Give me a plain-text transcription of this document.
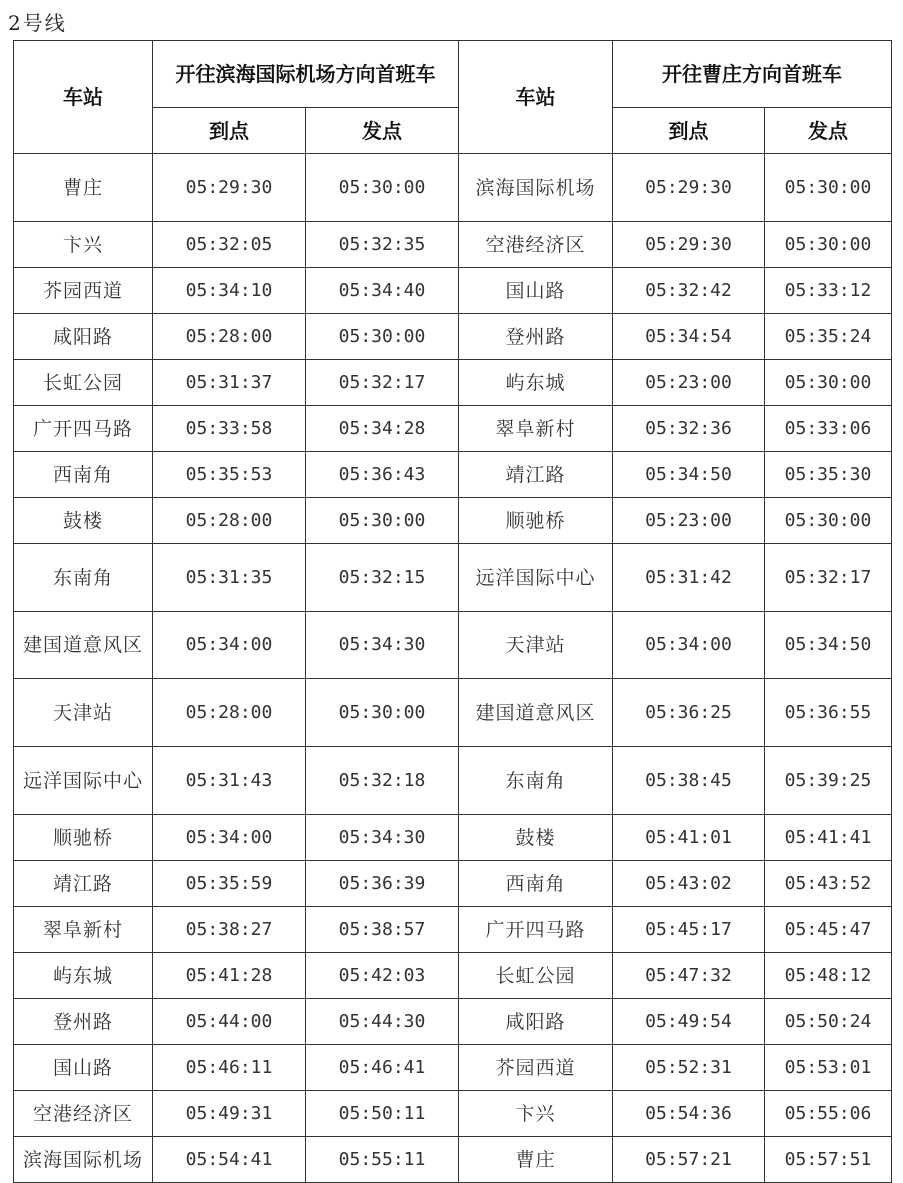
2号线
车站	开往滨海国际机场方向首班车		车站	开往曹庄方向首班车	
	到点	发点		到点	发点
曹庄	05:29:30	05:30:00	滨海国际机场	05:29:30	05:30:00
卞兴	05:32:05	05:32:35	空港经济区	05:29:30	05:30:00
芥园西道	05:34:10	05:34:40	国山路	05:32:42	05:33:12
咸阳路	05:28:00	05:30:00	登州路	05:34:54	05:35:24
长虹公园	05:31:37	05:32:17	屿东城	05:23:00	05:30:00
广开四马路	05:33:58	05:34:28	翠阜新村	05:32:36	05:33:06
西南角	05:35:53	05:36:43	靖江路	05:34:50	05:35:30
鼓楼	05:28:00	05:30:00	顺驰桥	05:23:00	05:30:00
东南角	05:31:35	05:32:15	远洋国际中心	05:31:42	05:32:17
建国道意风区	05:34:00	05:34:30	天津站	05:34:00	05:34:50
天津站	05:28:00	05:30:00	建国道意风区	05:36:25	05:36:55
远洋国际中心	05:31:43	05:32:18	东南角	05:38:45	05:39:25
顺驰桥	05:34:00	05:34:30	鼓楼	05:41:01	05:41:41
靖江路	05:35:59	05:36:39	西南角	05:43:02	05:43:52
翠阜新村	05:38:27	05:38:57	广开四马路	05:45:17	05:45:47
屿东城	05:41:28	05:42:03	长虹公园	05:47:32	05:48:12
登州路	05:44:00	05:44:30	咸阳路	05:49:54	05:50:24
国山路	05:46:11	05:46:41	芥园西道	05:52:31	05:53:01
空港经济区	05:49:31	05:50:11	卞兴	05:54:36	05:55:06
滨海国际机场	05:54:41	05:55:11	曹庄	05:57:21	05:57:51
